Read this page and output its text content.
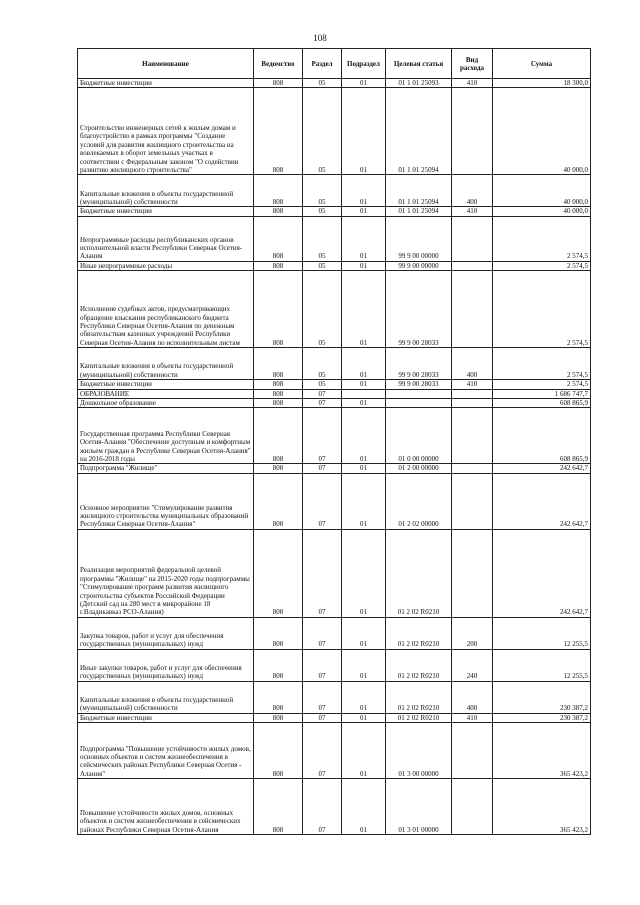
108
Наименование	Ведомство	Раздел	Подраздел	Целевая статья	Вид расхода	Сумма
Бюджетные инвестиции	808	05	01	01 1 01 25093	410	18 300,0
Строительство инженерных сетей к жилым домам и благоустройство в рамках программы "Создание условий для развития жилищного строительства на вовлекаемых в оборот земельных участках в соответствии с Федеральным законом "О содействии развитию жилищного строительства"	808	05	01	01 1 01 25094		40 000,0
Капитальные вложения в объекты государственной (муниципальной) собственности	808	05	01	01 1 01 25094	400	40 000,0
Бюджетные инвестиции	808	05	01	01 1 01 25094	410	40 000,0
Непрограммные расходы республиканских органов исполнительной власти Республики Северная Осетия-Алания	808	05	01	99 9 00 00000		2 574,5
Иные непрограммные расходы	808	05	01	99 9 00 00000		2 574,5
Исполнение судебных актов, предусматривающих обращение взыскания республиканского бюджета Республики Северная Осетия-Алания по денежным обязательствам казенных учреждений Республики Северная Осетия-Алания по исполнительным листам	808	05	01	99 9 00 28033		2 574,5
Капитальные вложения в объекты государственной (муниципальной) собственности	808	05	01	99 9 00 28033	400	2 574,5
Бюджетные инвестиции	808	05	01	99 9 00 28033	410	2 574,5
ОБРАЗОВАНИЕ	808	07				1 686 747,7
Дошкольное образование	808	07	01			608 865,9
Государственная программа Республики Северная Осетия-Алания "Обеспечение доступным и комфортным жильем граждан в Республике Северная Осетия-Алания" на 2016-2018 годы	808	07	01	01 0 00 00000		608 865,9
Подпрограмма "Жилище"	808	07	01	01 2 00 00000		242 642,7
Основное мероприятие "Стимулирование развития жилищного строительства муниципальных образований Республики Северная Осетия-Алания"	808	07	01	01 2 02 00000		242 642,7
Реализация мероприятий федеральной целевой программы "Жилище" на 2015-2020 годы подпрограммы "Стимулирование программ развития жилищного строительства субъектов Российской Федерации (Детский сад на 280 мест в микрорайоне 18 г.Владикавказ РСО-Алания)	808	07	01	01 2 02 R0210		242 642,7
Закупка товаров, работ и услуг для обеспечения государственных (муниципальных) нужд	808	07	01	01 2 02 R0210	200	12 255,5
Иные закупки товаров, работ и услуг для обеспечения государственных (муниципальных) нужд	808	07	01	01 2 02 R0210	240	12 255,5
Капитальные вложения в объекты государственной (муниципальной) собственности	808	07	01	01 2 02 R0210	400	230 387,2
Бюджетные инвестиции	808	07	01	01 2 02 R0210	410	230 387,2
Подпрограмма "Повышение устойчивости жилых домов, основных объектов и систем жизнеобеспечения в сейсмических районах Республики Северная Осетия - Алания"	808	07	01	01 3 00 00000		365 423,2
Повышение устойчивости жилых домов, основных объектов и систем жизнеобеспечения в сейсмических районах Республики Северная Осетия-Алания	808	07	01	01 3 01 00000		365 423,2
